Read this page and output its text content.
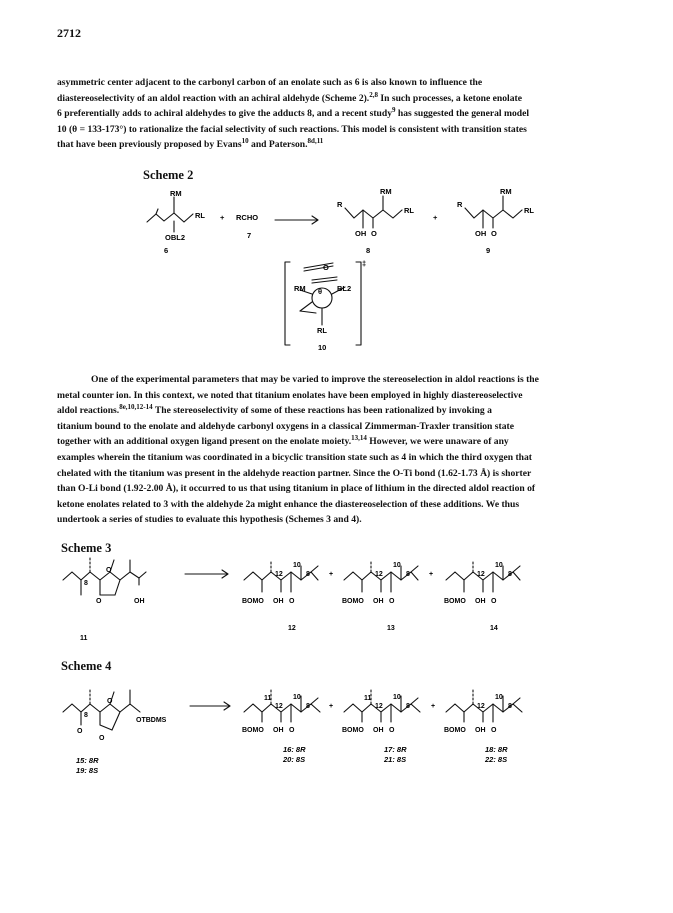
2712

asymmetric center adjacent to the carbonyl carbon of an enolate such as 6 is also known to influence the

diastereoselectivity of an aldol reaction with an achiral aldehyde (Scheme 2).$^{2,8}$ In such processes, a ketone enolate

6 preferentially adds to achiral aldehydes to give the adducts 8, and a recent study$^9$ has suggested the general model

10 (θ = 133-173°) to rationalize the facial selectivity of such reactions. This model is consistent with transition states

that have been previously proposed by Evans$^{10}$ and Paterson.$^{8d,11}$

Scheme 2
RM
RL
OBL2
+ RCHO
R
RM
RL
OH O
+
R
RM
RL
OH O
O
RM θ BL2
RL
‡
6
7
8	9
10

One of the experimental parameters that may be varied to improve the stereoselection in aldol reactions is the

metal counter ion. In this context, we noted that titanium enolates have been employed in highly diastereoselective

aldol reactions.$^{8e,10,12-14}$ The stereoselectivity of some of these reactions has been rationalized by invoking a

titanium bound to the enolate and aldehyde carbonyl oxygens in a classical Zimmerman-Traxler transition state

together with an additional oxygen ligand present on the enolate moiety.$^{13,14}$ However, we were unaware of any

examples wherein the titanium was coordinated in a bicyclic transition state such as 4 in which the third oxygen that

chelated with the titanium was present in the aldehyde reaction partner. Since the O-Ti bond (1.62-1.73 Å) is shorter

than O-Li bond (1.92-2.00 Å), it occurred to us that using titanium in place of lithium in the directed aldol reaction of

ketone enolates related to 3 with the aldehyde 2a might enhance the diastereoselection of these additions. We thus

undertook a series of studies to evaluate this hypothesis (Schemes 3 and 4).

Scheme 3
8
O
O	OH
11
BOMO OH O
12
10
8	+
12
BOMO OH O
12
10
8	+
13
BOMO OH O
12
10
8
14
Scheme 4
8
O
O
O
OTBDMS
BOMO OH O
11
12
10
8	+
BOMO OH O
11
12
10
8	+
BOMO OH O
12
10
8
15: 8R
19: 8S
16: 8R
20: 8S
17: 8R
21: 8S
18: 8R
22: 8S
